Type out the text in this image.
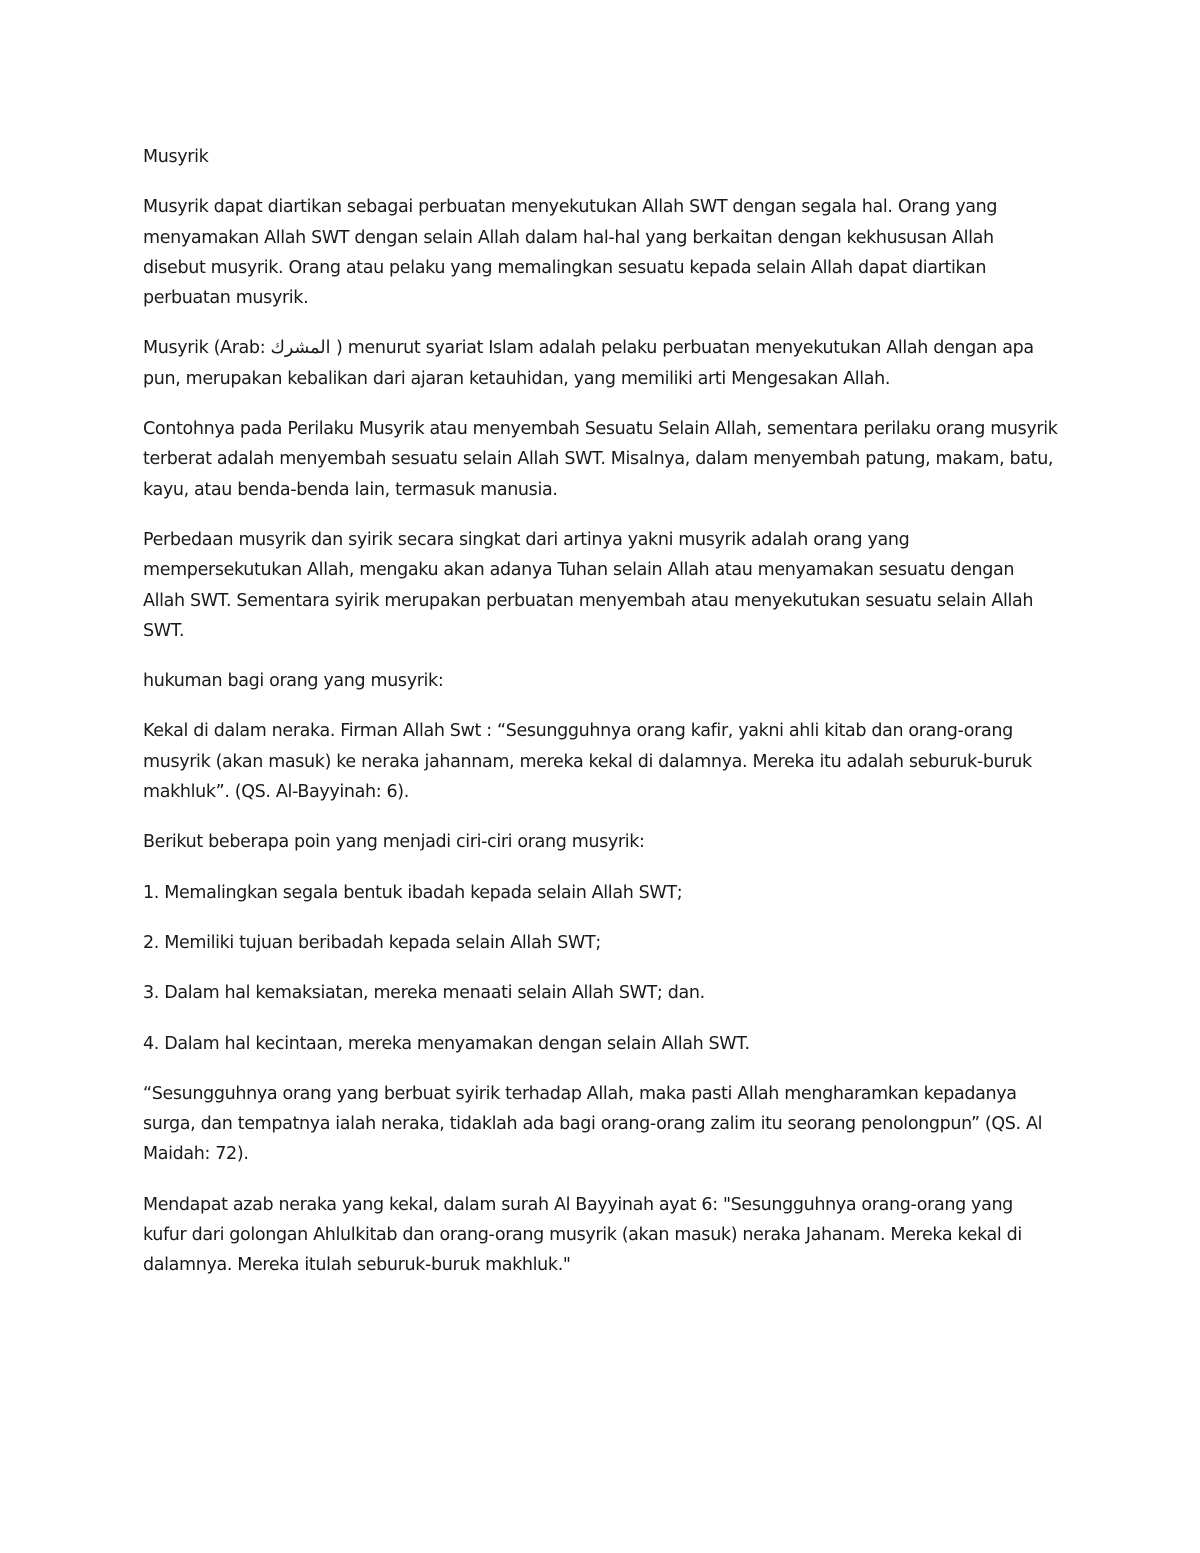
Musyrik

Musyrik dapat diartikan sebagai perbuatan menyekutukan Allah SWT dengan segala hal. Orang yang menyamakan Allah SWT dengan selain Allah dalam hal-hal yang berkaitan dengan kekhususan Allah disebut musyrik. Orang atau pelaku yang memalingkan sesuatu kepada selain Allah dapat diartikan perbuatan musyrik.

Musyrik (Arab: المشرك ) menurut syariat Islam adalah pelaku perbuatan menyekutukan Allah dengan apa pun, merupakan kebalikan dari ajaran ketauhidan, yang memiliki arti Mengesakan Allah.

Contohnya pada Perilaku Musyrik atau menyembah Sesuatu Selain Allah, sementara perilaku orang musyrik terberat adalah menyembah sesuatu selain Allah SWT. Misalnya, dalam menyembah patung, makam, batu, kayu, atau benda-benda lain, termasuk manusia.

Perbedaan musyrik dan syirik secara singkat dari artinya yakni musyrik adalah orang yang mempersekutukan Allah, mengaku akan adanya Tuhan selain Allah atau menyamakan sesuatu dengan Allah SWT. Sementara syirik merupakan perbuatan menyembah atau menyekutukan sesuatu selain Allah SWT.

hukuman bagi orang yang musyrik:

Kekal di dalam neraka. Firman Allah Swt : “Sesungguhnya orang kafir, yakni ahli kitab dan orang-orang musyrik (akan masuk) ke neraka jahannam, mereka kekal di dalamnya. Mereka itu adalah seburuk-buruk makhluk”. (QS. Al-Bayyinah: 6).

Berikut beberapa poin yang menjadi ciri-ciri orang musyrik:

1. Memalingkan segala bentuk ibadah kepada selain Allah SWT;

2. Memiliki tujuan beribadah kepada selain Allah SWT;

3. Dalam hal kemaksiatan, mereka menaati selain Allah SWT; dan.

4. Dalam hal kecintaan, mereka menyamakan dengan selain Allah SWT.

“Sesungguhnya orang yang berbuat syirik terhadap Allah, maka pasti Allah mengharamkan kepadanya surga, dan tempatnya ialah neraka, tidaklah ada bagi orang-orang zalim itu seorang penolongpun” (QS. Al Maidah: 72).

Mendapat azab neraka yang kekal, dalam surah Al Bayyinah ayat 6: "Sesungguhnya orang-orang yang kufur dari golongan Ahlulkitab dan orang-orang musyrik (akan masuk) neraka Jahanam. Mereka kekal di dalamnya. Mereka itulah seburuk-buruk makhluk."
